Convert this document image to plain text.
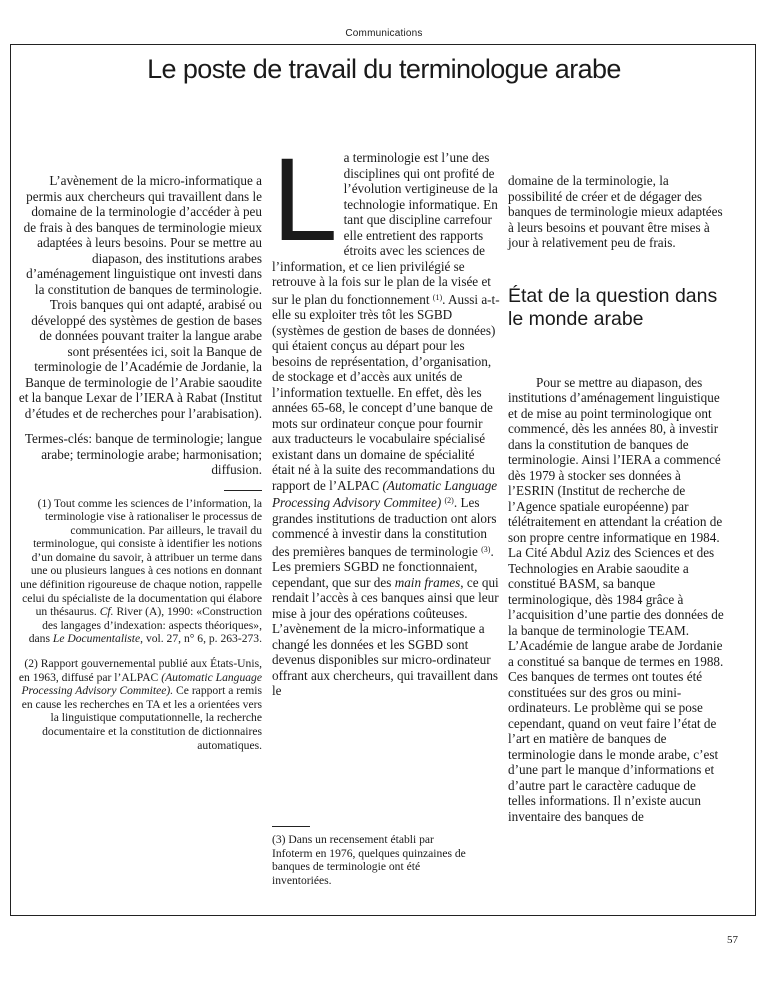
Communications
Le poste de travail du terminologue arabe

L’avènement de la micro-informatique a permis aux chercheurs qui travaillent dans le domaine de la terminologie d’accéder à peu de frais à des banques de terminologie mieux adaptées à leurs besoins. Pour se mettre au diapason, des institutions arabes d’aménagement linguistique ont investi dans la constitution de banques de terminologie. Trois banques qui ont adapté, arabisé ou développé des systèmes de gestion de bases de données pouvant traiter la langue arabe sont présentées ici, soit la Banque de terminologie de l’Académie de Jordanie, la Banque de terminologie de l’Arabie saoudite et la banque Lexar de l’IERA à Rabat (Institut d’études et de recherches pour l’arabisation).

Termes-clés: banque de terminologie; langue arabe; terminologie arabe; harmonisation; diffusion.

(1) Tout comme les sciences de l’information, la terminologie vise à rationaliser le processus de communication. Par ailleurs, le travail du terminologue, qui consiste à identifier les notions d’un domaine du savoir, à attribuer un terme dans une ou plusieurs langues à ces notions en donnant une définition rigoureuse de chaque notion, rappelle celui du spécialiste de la documentation qui élabore un thésaurus. Cf. River (A), 1990: «Construction des langages d’indexation: aspects théoriques», dans Le Documentaliste, vol. 27, n° 6, p. 263-273.

(2) Rapport gouvernemental publié aux États-Unis, en 1963, diffusé par l’ALPAC (Automatic Language Processing Advisory Commitee). Ce rapport a remis en cause les recherches en TA et les a orientées vers la linguistique computationnelle, la recherche documentaire et la constitution de dictionnaires automatiques.

L a terminologie est l’une des disciplines qui ont profité de l’évolution vertigineuse de la technologie informatique. En tant que discipline carrefour elle entretient des rapports étroits avec les sciences de l’information, et ce lien privilégié se retrouve à la fois sur le plan de la visée et sur le plan du fonctionnement $^{(1)}$. Aussi a-t-elle su exploiter très tôt les SGBD (systèmes de gestion de bases de données) qui étaient conçus au départ pour les besoins de représentation, d’organisation, de stockage et d’accès aux unités de l’information textuelle. En effet, dès les années 65-68, le concept d’une banque de mots sur ordinateur conçue pour fournir aux traducteurs le vocabulaire spécialisé existant dans un domaine de spécialité était né à la suite des recommandations du rapport de l’ALPAC (Automatic Language Processing Advisory Commitee) $^{(2)}$. Les grandes institutions de traduction ont alors commencé à investir dans la constitution des premières banques de terminologie $^{(3)}$. Les premiers SGBD ne fonctionnaient, cependant, que sur des main frames, ce qui rendait l’accès à ces banques ainsi que leur mise à jour des opérations coûteuses. L’avènement de la micro-informatique a changé les données et les SGBD sont devenus disponibles sur micro-ordinateur offrant aux chercheurs, qui travaillent dans le

(3) Dans un recensement établi par Infoterm en 1976, quelques quinzaines de banques de terminologie ont été inventoriées.

domaine de la terminologie, la possibilité de créer et de dégager des banques de terminologie mieux adaptées à leurs besoins et pouvant être mises à jour à relativement peu de frais.

État de la question dans le monde arabe

Pour se mettre au diapason, des institutions d’aménagement linguistique et de mise au point terminologique ont commencé, dès les années 80, à investir dans la constitution de banques de terminologie. Ainsi l’IERA a commencé dès 1979 à stocker ses données à l’ESRIN (Institut de recherche de l’Agence spatiale européenne) par télétraitement en attendant la création de son propre centre informatique en 1984. La Cité Abdul Aziz des Sciences et des Technologies en Arabie saoudite a constitué BASM, sa banque terminologique, dès 1984 grâce à l’acquisition d’une partie des données de la banque de terminologie TEAM. L’Académie de langue arabe de Jordanie a constitué sa banque de termes en 1988. Ces banques de termes ont toutes été constituées sur des gros ou mini-ordinateurs. Le problème qui se pose cependant, quand on veut faire l’état de l’art en matière de banques de terminologie dans le monde arabe, c’est d’une part le manque d’informations et d’autre part le caractère caduque de telles informations. Il n’existe aucun inventaire des banques de

57
